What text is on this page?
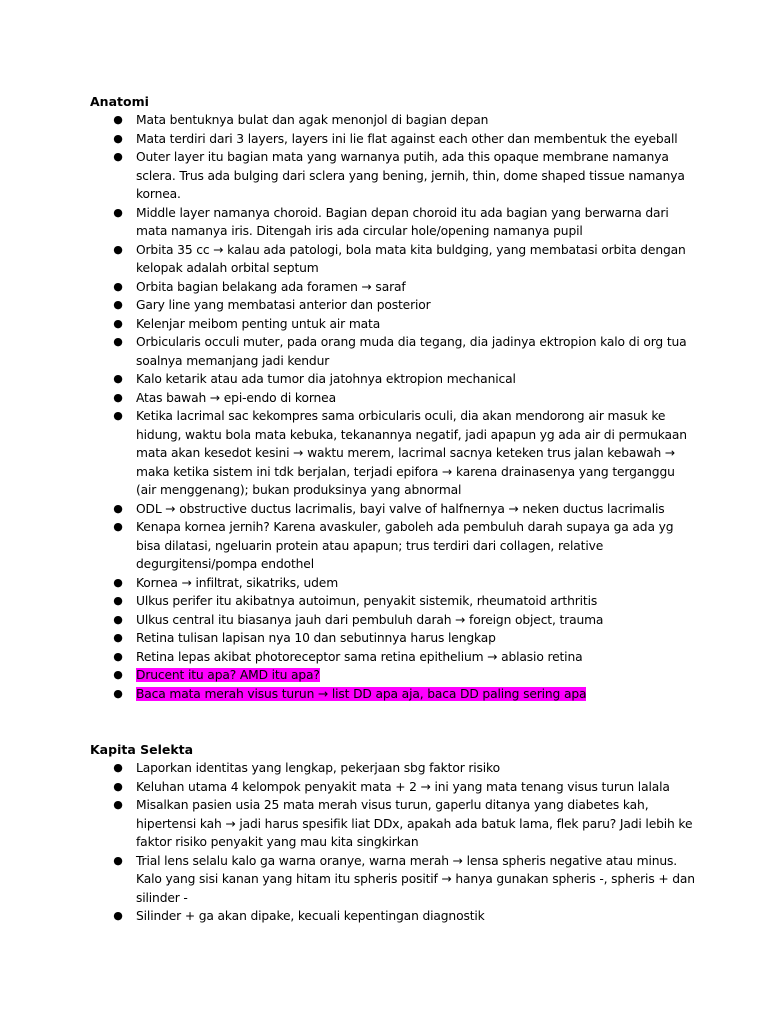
Anatomi
● Mata bentuknya bulat dan agak menonjol di bagian depan
● Mata terdiri dari 3 layers, layers ini lie flat against each other dan membentuk the eyeball
● Outer layer itu bagian mata yang warnanya putih, ada this opaque membrane namanya
sclera. Trus ada bulging dari sclera yang bening, jernih, thin, dome shaped tissue namanya
kornea.
● Middle layer namanya choroid. Bagian depan choroid itu ada bagian yang berwarna dari
mata namanya iris. Ditengah iris ada circular hole/opening namanya pupil
● Orbita 35 cc → kalau ada patologi, bola mata kita buldging, yang membatasi orbita dengan
kelopak adalah orbital septum
● Orbita bagian belakang ada foramen → saraf
● Gary line yang membatasi anterior dan posterior
● Kelenjar meibom penting untuk air mata
● Orbicularis occuli muter, pada orang muda dia tegang, dia jadinya ektropion kalo di org tua
soalnya memanjang jadi kendur
● Kalo ketarik atau ada tumor dia jatohnya ektropion mechanical
● Atas bawah → epi-endo di kornea
● Ketika lacrimal sac kekompres sama orbicularis oculi, dia akan mendorong air masuk ke
hidung, waktu bola mata kebuka, tekanannya negatif, jadi apapun yg ada air di permukaan
mata akan kesedot kesini → waktu merem, lacrimal sacnya keteken trus jalan kebawah →
maka ketika sistem ini tdk berjalan, terjadi epifora → karena drainasenya yang terganggu
(air menggenang); bukan produksinya yang abnormal
● ODL → obstructive ductus lacrimalis, bayi valve of halfnernya → neken ductus lacrimalis
● Kenapa kornea jernih? Karena avaskuler, gaboleh ada pembuluh darah supaya ga ada yg
bisa dilatasi, ngeluarin protein atau apapun; trus terdiri dari collagen, relative
degurgitensi/pompa endothel
● Kornea → infiltrat, sikatriks, udem
● Ulkus perifer itu akibatnya autoimun, penyakit sistemik, rheumatoid arthritis
● Ulkus central itu biasanya jauh dari pembuluh darah → foreign object, trauma
● Retina tulisan lapisan nya 10 dan sebutinnya harus lengkap
● Retina lepas akibat photoreceptor sama retina epithelium → ablasio retina
● Drucent itu apa? AMD itu apa?
● Baca mata merah visus turun → list DD apa aja, baca DD paling sering apa
Kapita Selekta
● Laporkan identitas yang lengkap, pekerjaan sbg faktor risiko
● Keluhan utama 4 kelompok penyakit mata + 2 → ini yang mata tenang visus turun lalala
● Misalkan pasien usia 25 mata merah visus turun, gaperlu ditanya yang diabetes kah,
hipertensi kah → jadi harus spesifik liat DDx, apakah ada batuk lama, flek paru? Jadi lebih ke
faktor risiko penyakit yang mau kita singkirkan
● Trial lens selalu kalo ga warna oranye, warna merah → lensa spheris negative atau minus.
Kalo yang sisi kanan yang hitam itu spheris positif → hanya gunakan spheris -, spheris + dan
silinder -
● Silinder + ga akan dipake, kecuali kepentingan diagnostik
